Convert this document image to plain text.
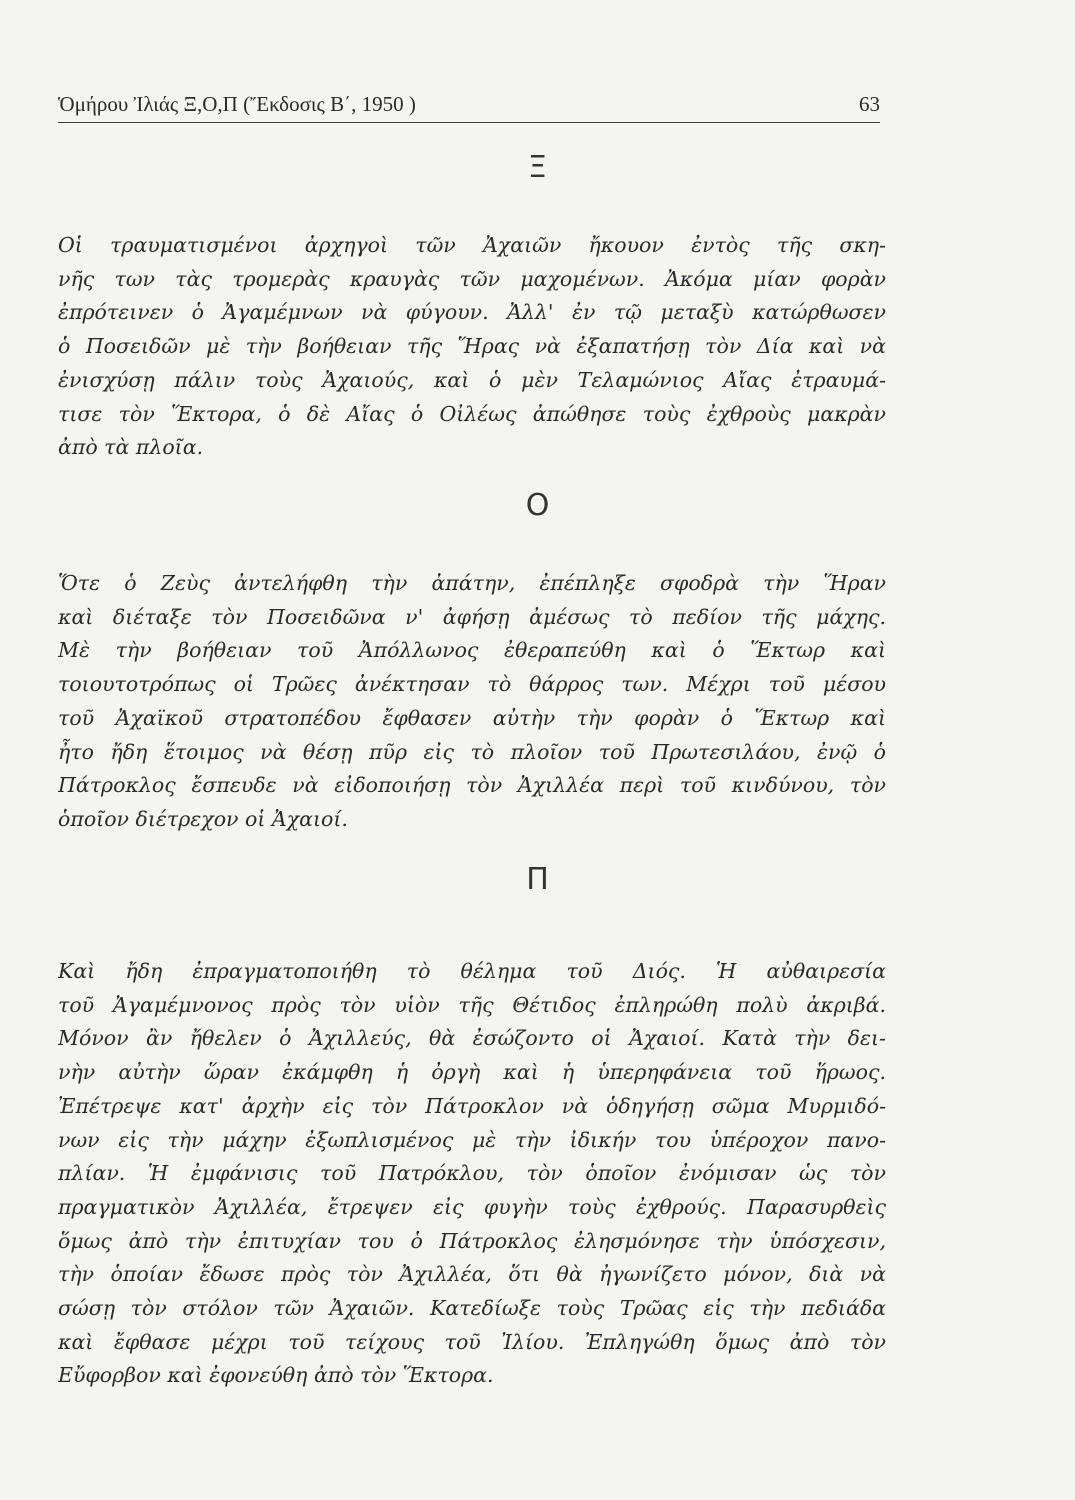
Ὁμήρου Ἰλιάς Ξ,Ο,Π (Ἔκδοσις Β΄, 1950 )	63
Ξ
Οἱ τραυματισμένοι ἀρχηγοὶ τῶν Ἀχαιῶν ἤκουον ἐντὸς τῆς σκη-
νῆς των τὰς τρομερὰς κραυγὰς τῶν μαχομένων. Ἀκόμα μίαν φορὰν
ἐπρότεινεν ὁ Ἀγαμέμνων νὰ φύγουν. Ἀλλ' ἐν τῷ μεταξὺ κατώρθωσεν
ὁ Ποσειδῶν μὲ τὴν βοήθειαν τῆς Ἥρας νὰ ἐξαπατήσῃ τὸν Δία καὶ νὰ
ἐνισχύσῃ πάλιν τοὺς Ἀχαιούς, καὶ ὁ μὲν Τελαμώνιος Αἴας ἐτραυμά-
τισε τὸν Ἕκτορα, ὁ δὲ Αἴας ὁ Οἰλέως ἀπώθησε τοὺς ἐχθροὺς μακρὰν
ἀπὸ τὰ πλοῖα.
Ο
Ὅτε ὁ Ζεὺς ἀντελήφθη τὴν ἀπάτην, ἐπέπληξε σφοδρὰ τὴν Ἥραν
καὶ διέταξε τὸν Ποσειδῶνα ν' ἀφήσῃ ἀμέσως τὸ πεδίον τῆς μάχης.
Μὲ τὴν βοήθειαν τοῦ Ἀπόλλωνος ἐθεραπεύθη καὶ ὁ Ἕκτωρ καὶ
τοιουτοτρόπως οἱ Τρῶες ἀνέκτησαν τὸ θάρρος των. Μέχρι τοῦ μέσου
τοῦ Ἀχαϊκοῦ στρατοπέδου ἔφθασεν αὐτὴν τὴν φορὰν ὁ Ἕκτωρ καὶ
ἦτο ἤδη ἕτοιμος νὰ θέσῃ πῦρ εἰς τὸ πλοῖον τοῦ Πρωτεσιλάου, ἐνῷ ὁ
Πάτροκλος ἔσπευδε νὰ εἰδοποιήσῃ τὸν Ἀχιλλέα περὶ τοῦ κινδύνου, τὸν
ὁποῖον διέτρεχον οἱ Ἀχαιοί.
Π
Καὶ ἤδη ἐπραγματοποιήθη τὸ θέλημα τοῦ Διός. Ἡ αὐθαιρεσία
τοῦ Ἀγαμέμνονος πρὸς τὸν υἱὸν τῆς Θέτιδος ἐπληρώθη πολὺ ἀκριβά.
Μόνον ἂν ἤθελεν ὁ Ἀχιλλεύς, θὰ ἐσώζοντο οἱ Ἀχαιοί. Κατὰ τὴν δει-
νὴν αὐτὴν ὥραν ἐκάμφθη ἡ ὀργὴ καὶ ἡ ὑπερηφάνεια τοῦ ἥρωος.
Ἐπέτρεψε κατ' ἀρχὴν εἰς τὸν Πάτροκλον νὰ ὁδηγήσῃ σῶμα Μυρμιδό-
νων εἰς τὴν μάχην ἐξωπλισμένος μὲ τὴν ἰδικήν του ὑπέροχον πανο-
πλίαν. Ἡ ἐμφάνισις τοῦ Πατρόκλου, τὸν ὁποῖον ἐνόμισαν ὡς τὸν
πραγματικὸν Ἀχιλλέα, ἔτρεψεν εἰς φυγὴν τοὺς ἐχθρούς. Παρασυρθεὶς
ὅμως ἀπὸ τὴν ἐπιτυχίαν του ὁ Πάτροκλος ἐλησμόνησε τὴν ὑπόσχεσιν,
τὴν ὁποίαν ἔδωσε πρὸς τὸν Ἀχιλλέα, ὅτι θὰ ἠγωνίζετο μόνον, διὰ νὰ
σώσῃ τὸν στόλον τῶν Ἀχαιῶν. Κατεδίωξε τοὺς Τρῶας εἰς τὴν πεδιάδα
καὶ ἔφθασε μέχρι τοῦ τείχους τοῦ Ἰλίου. Ἐπληγώθη ὅμως ἀπὸ τὸν
Εὔφορβον καὶ ἐφονεύθη ἀπὸ τὸν Ἕκτορα.
